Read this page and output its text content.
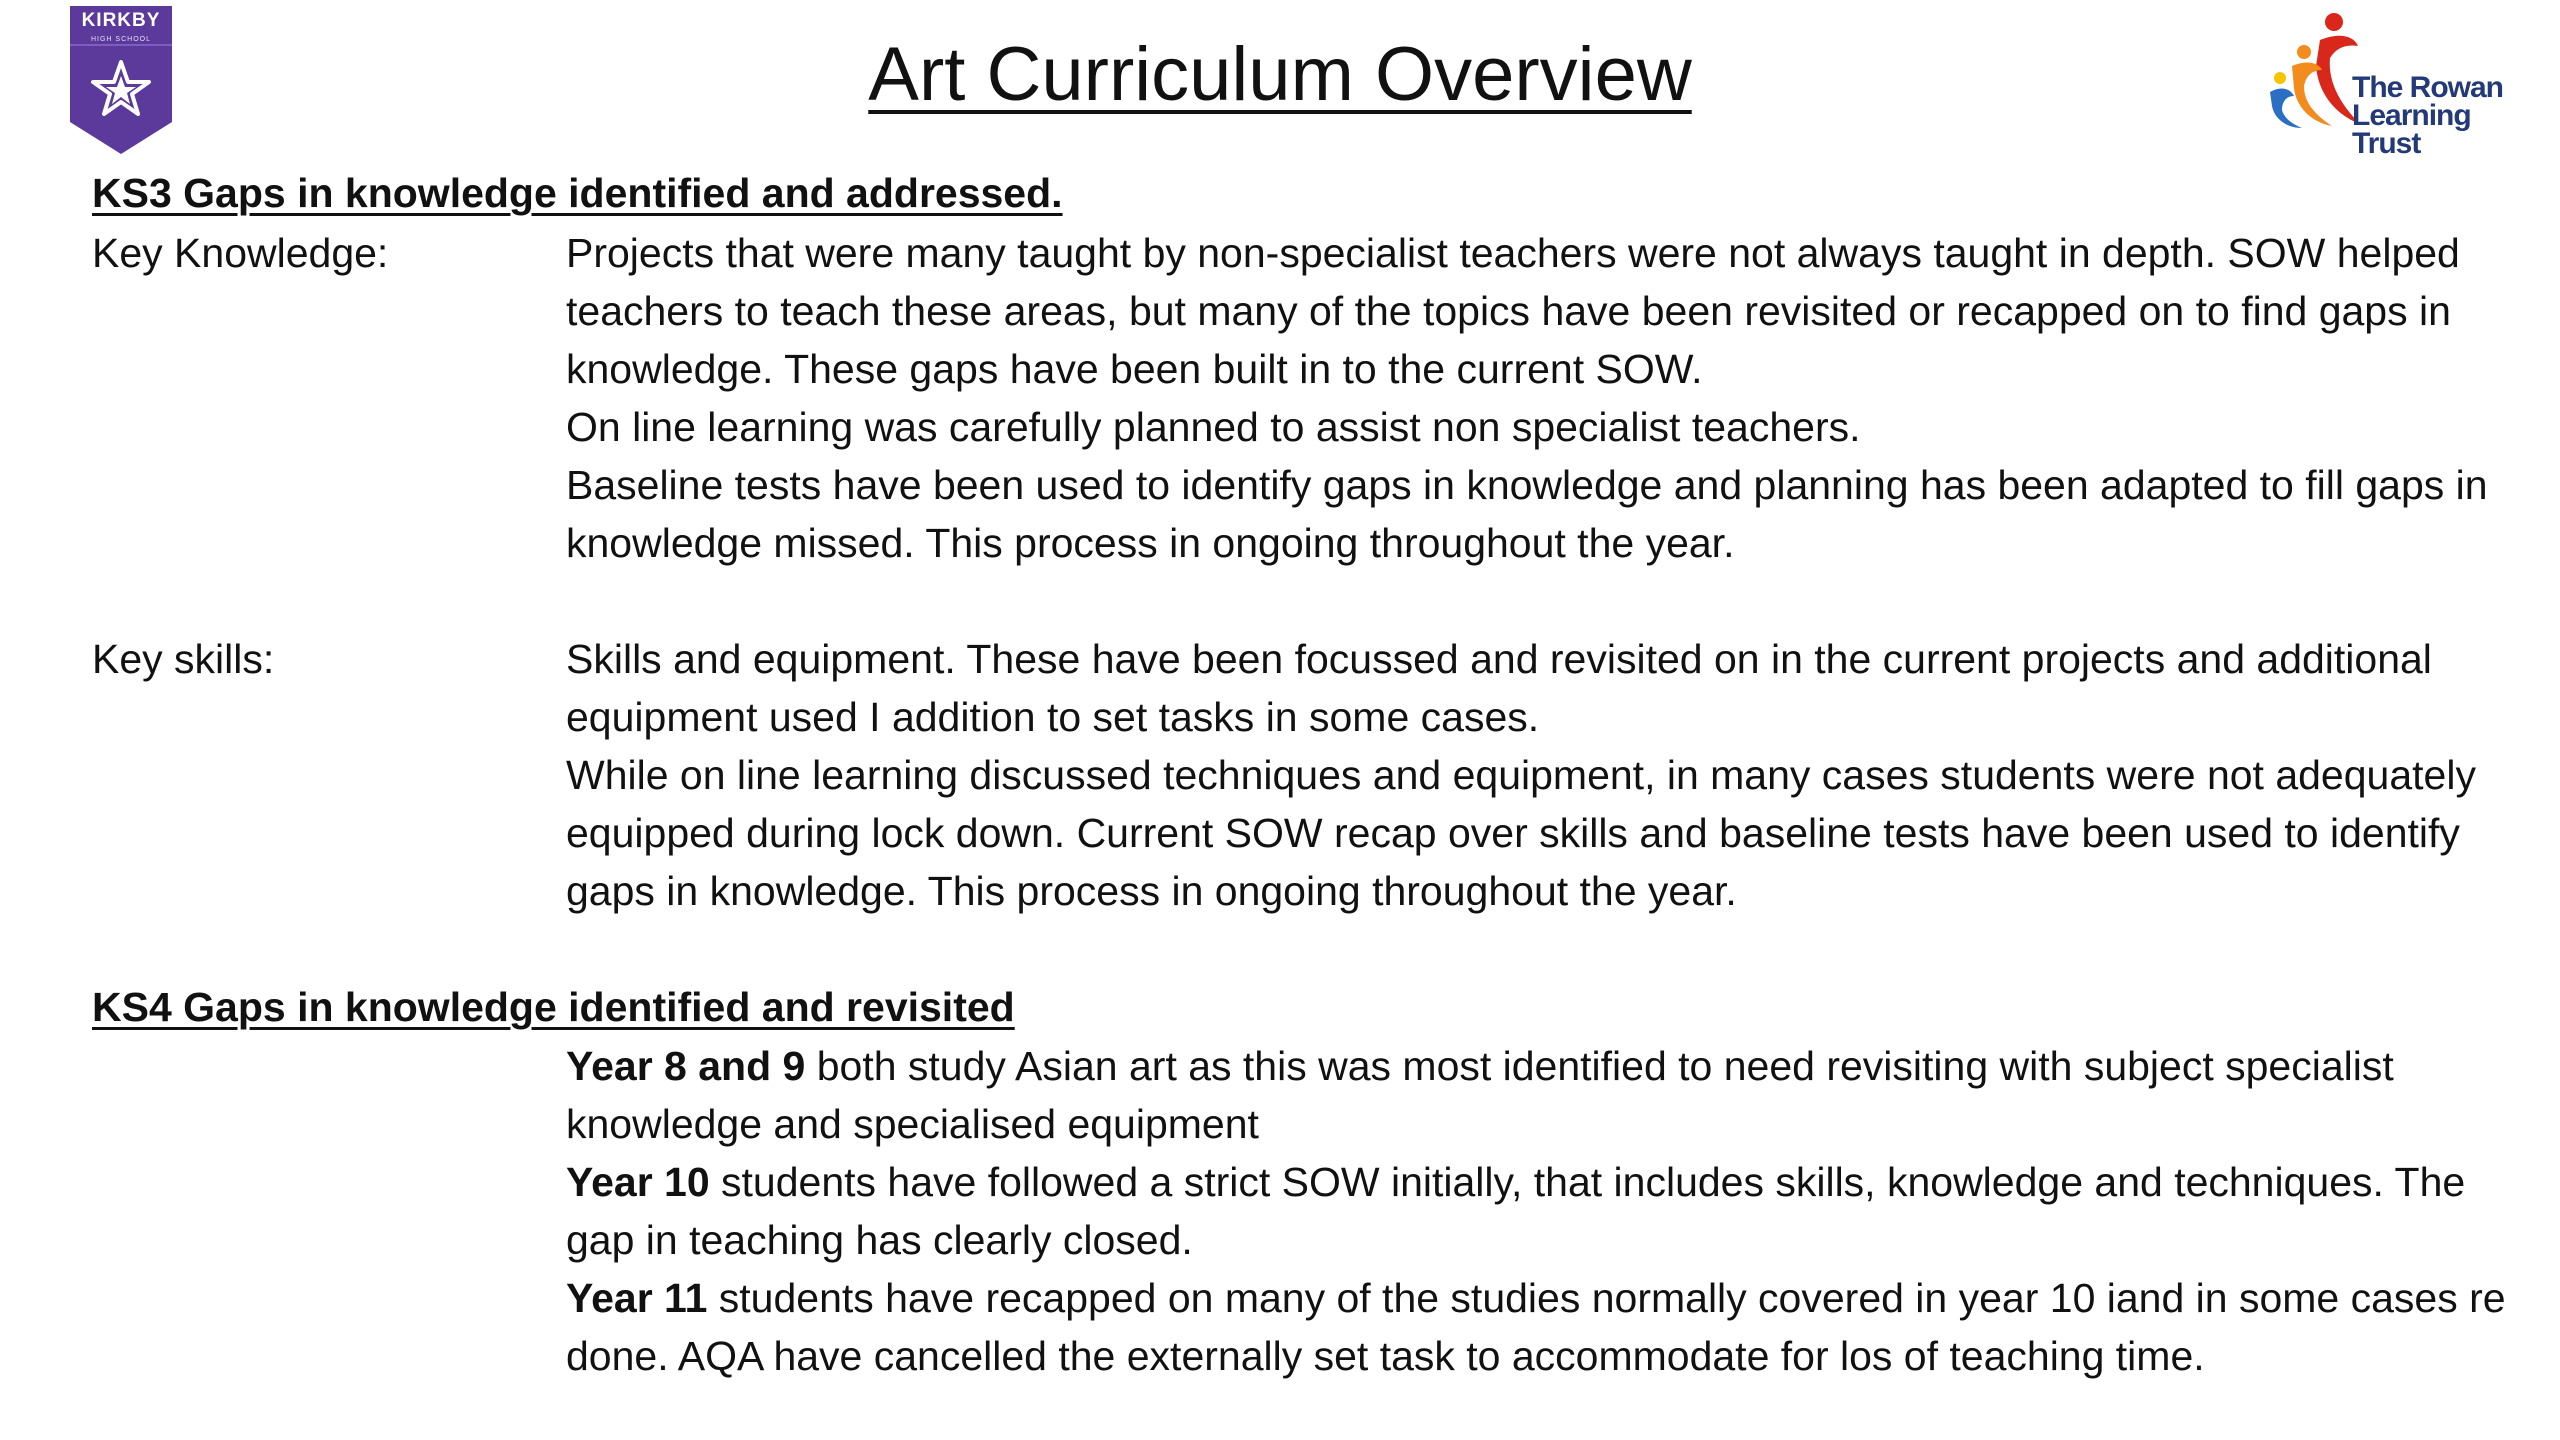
KIRKBY
HIGH SCHOOL	Art Curriculum Overview	The Rowan
Learning Trust
KS3 Gaps in knowledge identified and addressed.
Key Knowledge:	Projects that were many taught by non-specialist teachers were not always taught in depth. SOW helped teachers to teach these areas, but many of the topics have been revisited or recapped on to find gaps in knowledge. These gaps have been built in to the current SOW.

On line learning was carefully planned to assist non specialist teachers.

Baseline tests have been used to identify gaps in knowledge and planning has been adapted to fill gaps in knowledge missed. This process in ongoing throughout the year.

Key skills:	Skills and equipment. These have been focussed and revisited on in the current projects and additional equipment used I addition to set tasks in some cases.

While on line learning discussed techniques and equipment, in many cases students were not adequately equipped during lock down. Current SOW recap over skills and baseline tests have been used to identify gaps in knowledge. This process in ongoing throughout the year.

KS4 Gaps in knowledge identified and revisited

Year 8 and 9 both study Asian art as this was most identified to need revisiting with subject specialist knowledge and specialised equipment

Year 10 students have followed a strict SOW initially, that includes skills, knowledge and techniques. The gap in teaching has clearly closed.

Year 11 students have recapped on many of the studies normally covered in year 10 iand in some cases re done. AQA have cancelled the externally set task to accommodate for los of teaching time.
